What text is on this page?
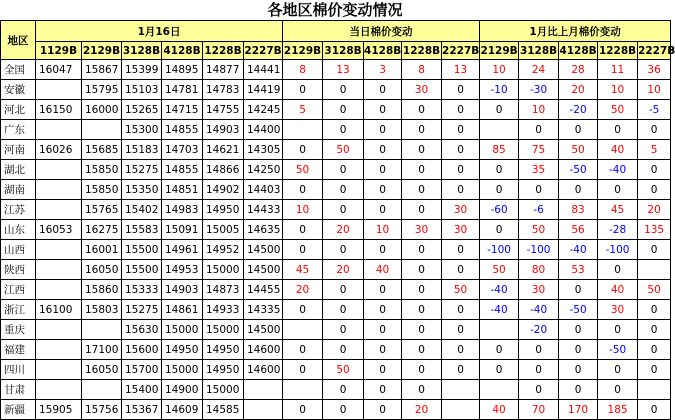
各地区棉价变动情况
地区	1月16日						当日棉价变动					1月比上月棉价变动				
	1129B	2129B	3128B	4128B	1228B	2227B	2129B	3128B	4128B	1228B	2227B	2129B	3128B	4128B	1228B	2227B
全国	16047	15867	15399	14895	14877	14441	8	13	3	8	13	10	24	28	11	36
安徽		15795	15103	14781	14783	14419	0	0	0	30	0	-10	-30	20	10	10
河北	16150	16000	15265	14715	14755	14245	5	0	0	0	0	0	10	-20	50	-5
广东			15300	14855	14903	14400		0	0	0	0		0	0	0	0
河南	16026	15685	15183	14703	14621	14305	0	50	0	0	0	85	75	50	40	5
湖北		15850	15275	14855	14866	14250	50	0	0	0	0	0	35	-50	-40	0
湖南		15850	15350	14851	14902	14403	0	0	0	0	0	0	0	0	0	0
江苏		15765	15402	14983	14950	14433	10	0	0	0	30	-60	-6	83	45	20
山东	16053	16275	15583	15091	15005	14635	0	20	10	30	30	0	50	56	-28	135
山西		16001	15500	14961	14952	14500	0	0	0	0	0	-100	-100	-40	-100	0
陕西		16050	15500	14953	15000	14500	45	20	40	0	0	50	80	53	0	
江西		15860	15333	14903	14873	14455	20	0	0	0	50	-40	30	0	40	50
浙江	16100	15803	15275	14861	14933	14335	0	0	0	0	0	-40	-40	-50	30	0
重庆			15630	15000	15000	14500		0	0	0	0		-20	0	0	0
福建		17100	15600	14950	14950	14600	0	0	0	0	0	0	0	0	-50	0
四川		16050	15700	15000	14950	14600	0	50	0	0	0	0	0	0	0	0
甘肃			15400	14900	15000			0	0	0			0	0	0	
新疆	15905	15756	15367	14609	14585		0	0	0	20		40	70	170	185	0
